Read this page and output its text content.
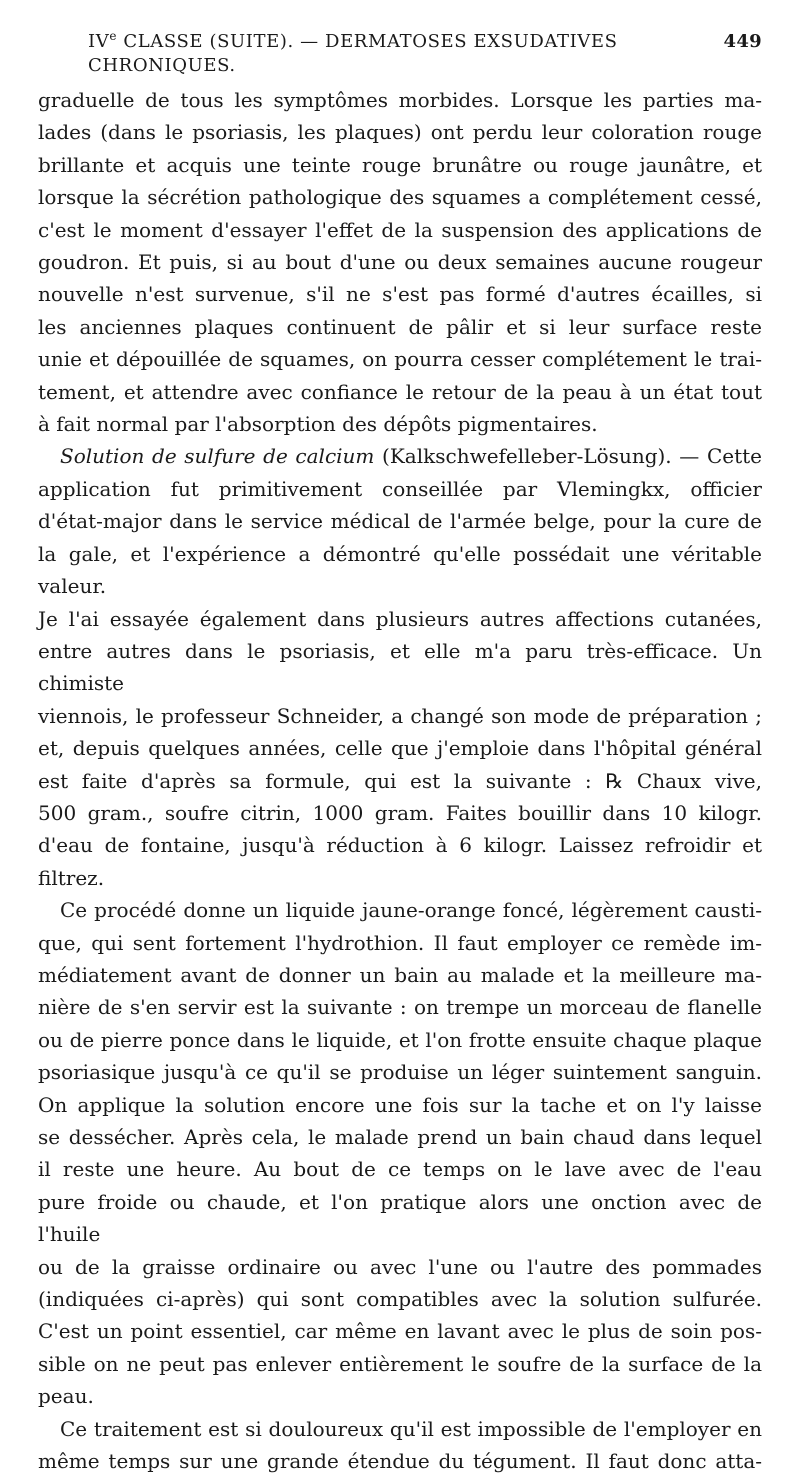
IVe CLASSE (SUITE). — DERMATOSES EXSUDATIVES CHRONIQUES.
449

graduelle de tous les symptômes morbides. Lorsque les parties ma-

lades (dans le psoriasis, les plaques) ont perdu leur coloration rouge

brillante et acquis une teinte rouge brunâtre ou rouge jaunâtre, et

lorsque la sécrétion pathologique des squames a complétement cessé,

c'est le moment d'essayer l'effet de la suspension des applications de

goudron. Et puis, si au bout d'une ou deux semaines aucune rougeur

nouvelle n'est survenue, s'il ne s'est pas formé d'autres écailles, si

les anciennes plaques continuent de pâlir et si leur surface reste

unie et dépouillée de squames, on pourra cesser complétement le trai-

tement, et attendre avec confiance le retour de la peau à un état tout

à fait normal par l'absorption des dépôts pigmentaires.

Solution de sulfure de calcium (Kalkschwefelleber-Lösung). — Cette

application fut primitivement conseillée par Vlemingkx, officier

d'état-major dans le service médical de l'armée belge, pour la cure de

la gale, et l'expérience a démontré qu'elle possédait une véritable valeur.

Je l'ai essayée également dans plusieurs autres affections cutanées,

entre autres dans le psoriasis, et elle m'a paru très-efficace. Un chimiste

viennois, le professeur Schneider, a changé son mode de préparation ;

et, depuis quelques années, celle que j'emploie dans l'hôpital général

est faite d'après sa formule, qui est la suivante : ℞ Chaux vive,

500 gram., soufre citrin, 1000 gram. Faites bouillir dans 10 kilogr.

d'eau de fontaine, jusqu'à réduction à 6 kilogr. Laissez refroidir et

filtrez.

Ce procédé donne un liquide jaune-orange foncé, légèrement causti-

que, qui sent fortement l'hydrothion. Il faut employer ce remède im-

médiatement avant de donner un bain au malade et la meilleure ma-

nière de s'en servir est la suivante : on trempe un morceau de flanelle

ou de pierre ponce dans le liquide, et l'on frotte ensuite chaque plaque

psoriasique jusqu'à ce qu'il se produise un léger suintement sanguin.

On applique la solution encore une fois sur la tache et on l'y laisse

se dessécher. Après cela, le malade prend un bain chaud dans lequel

il reste une heure. Au bout de ce temps on le lave avec de l'eau

pure froide ou chaude, et l'on pratique alors une onction avec de l'huile

ou de la graisse ordinaire ou avec l'une ou l'autre des pommades

(indiquées ci-après) qui sont compatibles avec la solution sulfurée.

C'est un point essentiel, car même en lavant avec le plus de soin pos-

sible on ne peut pas enlever entièrement le soufre de la surface de la

peau.

Ce traitement est si douloureux qu'il est impossible de l'employer en

même temps sur une grande étendue du tégument. Il faut donc atta-
